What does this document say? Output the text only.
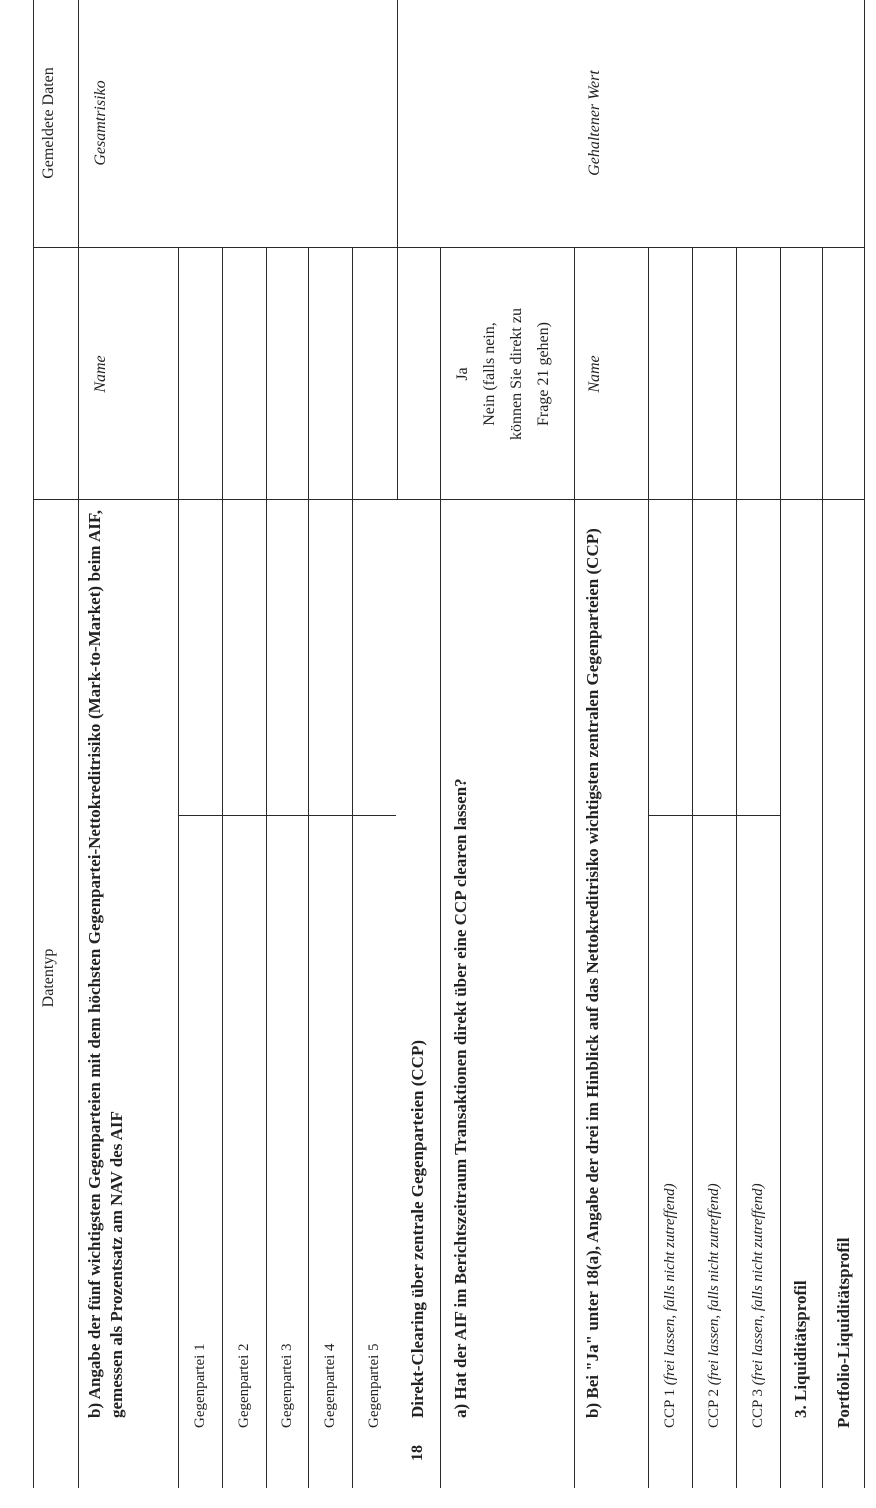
Datentyp
Gemeldete Daten
Name
Gesamtrisiko
b) Angabe der fünf wichtigsten Gegenparteien mit dem höchsten Gegenpartei-Nettokreditrisiko (Mark-to-Market) beim AIF, gemessen als Prozentsatz am NAV des AIF	Gegenpartei 1 Gegenpartei 2 Gegenpartei 3 Gegenpartei 4 Gegenpartei 5
18
Direkt-Clearing über zentrale Gegenparteien (CCP) a) Hat der AIF im Berichtszeitraum Transaktionen direkt über eine CCP clearen lassen?
Ja Nein (falls nein, können Sie direkt zu Frage 21 gehen)
b) Bei "Ja" unter 18(a), Angabe der drei im Hinblick auf das Nettokreditrisiko wichtigsten zentralen Gegenparteien (CCP)
Name
Gehaltener Wert
CCP 1 (frei lassen, falls nicht zutreffend)
CCP 2 (frei lassen, falls nicht zutreffend)
CCP 3 (frei lassen, falls nicht zutreffend) 3. Liquiditätsprofil Portfolio-Liquiditätsprofil
